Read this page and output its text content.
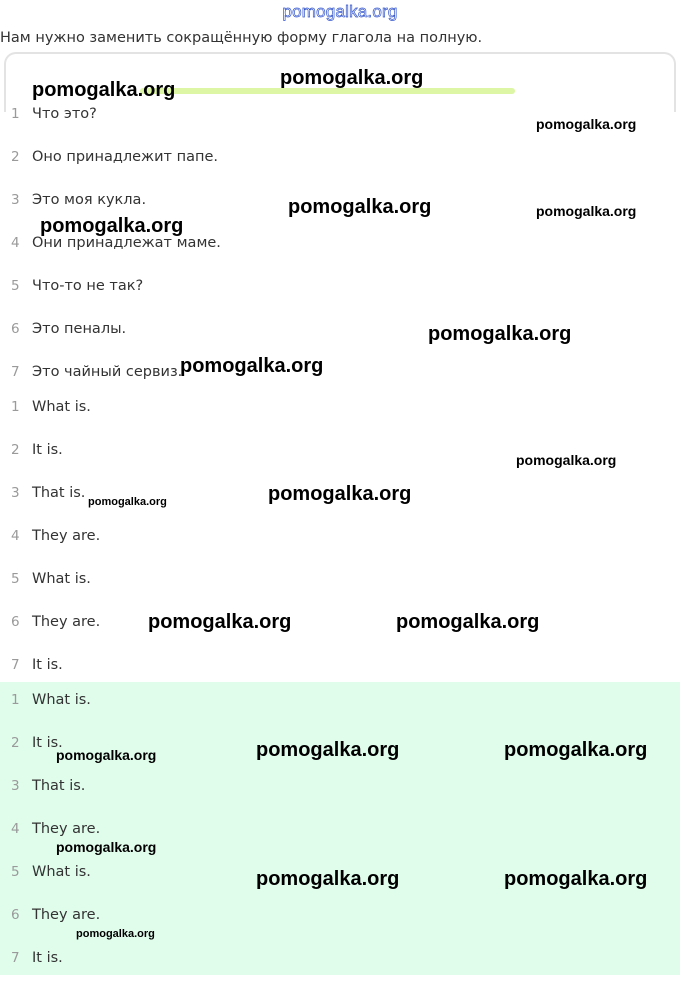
pomogalka.org
Нам нужно заменить сокращённую форму глагола на полную.
1 Что это?
2 Оно принадлежит папе.
3 Это моя кукла.
4 Они принадлежат маме.
5 Что-то не так?
6 Это пеналы.
7 Это чайный сервиз.
1 What is.
2 It is.
3 That is.
4 They are.
5 What is.
6 They are.
7 It is.
1 What is.
2 It is.
3 That is.
4 They are.
5 What is.
6 They are.
7 It is.
pomogalka.org
pomogalka.org
pomogalka.org
pomogalka.org	pomogalka.org
pomogalka.org
pomogalka.org
pomogalka.org
pomogalka.org
pomogalka.org
pomogalka.org
pomogalka.org	pomogalka.org
pomogalka.org	pomogalka.org
pomogalka.org
pomogalka.org
pomogalka.org	pomogalka.org
pomogalka.org
